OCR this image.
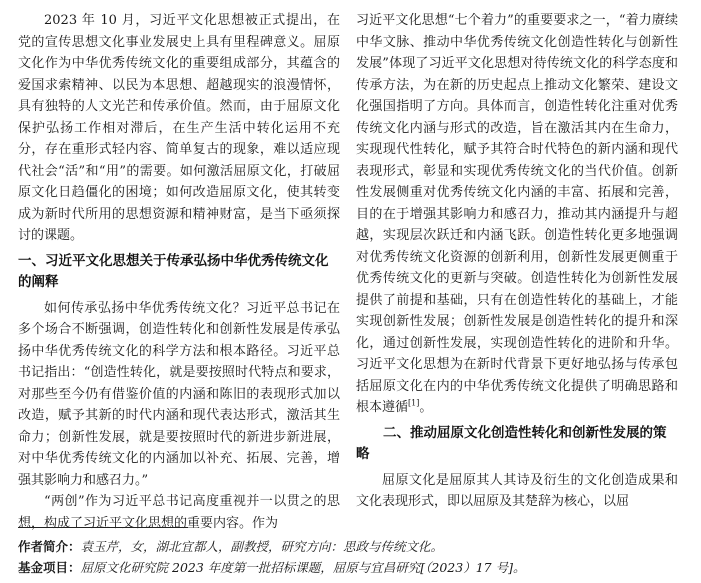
2023 年 10 月，习近平文化思想被正式提出，在党的宣传思想文化事业发展史上具有里程碑意义。屈原文化作为中华优秀传统文化的重要组成部分，其蕴含的爱国求索精神、以民为本思想、超越现实的浪漫情怀，具有独特的人文光芒和传承价值。然而，由于屈原文化保护弘扬工作相对滞后，在生产生活中转化运用不充分，存在重形式轻内容、简单复古的现象，难以适应现代社会“活”和“用”的需要。如何激活屈原文化，打破屈原文化日趋僵化的困境；如何改造屈原文化，使其转变成为新时代所用的思想资源和精神财富，是当下亟须探讨的课题。

一、习近平文化思想关于传承弘扬中华优秀传统文化的阐释

如何传承弘扬中华优秀传统文化？习近平总书记在多个场合不断强调，创造性转化和创新性发展是传承弘扬中华优秀传统文化的科学方法和根本路径。习近平总书记指出：“创造性转化，就是要按照时代特点和要求，对那些至今仍有借鉴价值的内涵和陈旧的表现形式加以改造，赋予其新的时代内涵和现代表达形式，激活其生命力；创新性发展，就是要按照时代的新进步新进展，对中华优秀传统文化的内涵加以补充、拓展、完善，增强其影响力和感召力。”

“两创”作为习近平总书记高度重视并一以贯之的思想，构成了习近平文化思想的重要内容。作为

习近平文化思想“七个着力”的重要要求之一，“着力赓续中华文脉、推动中华优秀传统文化创造性转化与创新性发展”体现了习近平文化思想对待传统文化的科学态度和传承方法，为在新的历史起点上推动文化繁荣、建设文化强国指明了方向。具体而言，创造性转化注重对优秀传统文化内涵与形式的改造，旨在激活其内在生命力，实现现代性转化，赋予其符合时代特色的新内涵和现代表现形式，彰显和实现优秀传统文化的当代价值。创新性发展侧重对优秀传统文化内涵的丰富、拓展和完善，目的在于增强其影响力和感召力，推动其内涵提升与超越，实现层次跃迁和内涵飞跃。创造性转化更多地强调对优秀传统文化资源的创新利用，创新性发展更侧重于优秀传统文化的更新与突破。创造性转化为创新性发展提供了前提和基础，只有在创造性转化的基础上，才能实现创新性发展；创新性发展是创造性转化的提升和深化，通过创新性发展，实现创造性转化的进阶和升华。习近平文化思想为在新时代背景下更好地弘扬与传承包括屈原文化在内的中华优秀传统文化提供了明确思路和根本遵循[1]。

二、推动屈原文化创造性转化和创新性发展的策略

屈原文化是屈原其人其诗及衍生的文化创造成果和文化表现形式，即以屈原及其楚辞为核心，以屈

作者简介：袁玉芹，女，湖北宜都人，副教授，研究方向：思政与传统文化。
基金项目：屈原文化研究院 2023 年度第一批招标课题，屈原与宜昌研究[（2023）17 号]。
